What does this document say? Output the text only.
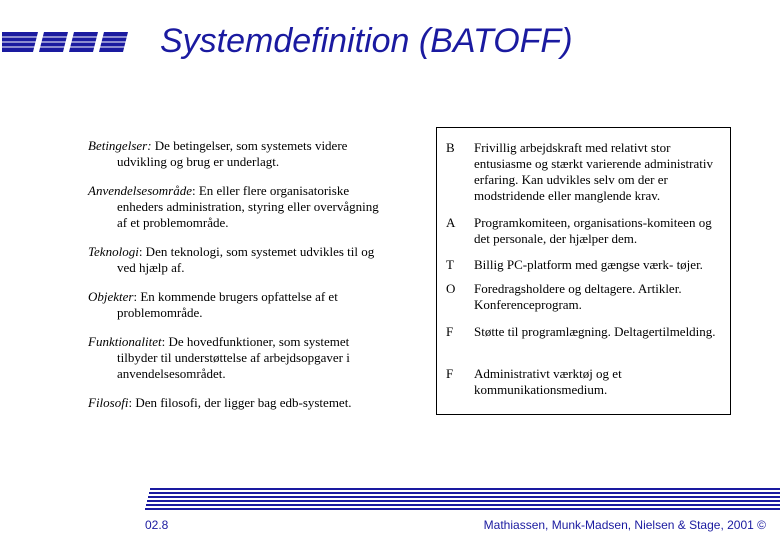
Systemdefinition (BATOFF)

Betingelser: De betingelser, som systemets videre udvikling og brug er underlagt.

Anvendelsesområde: En eller flere organisatoriske enheders administration, styring eller overvågning af et problemområde.

Teknologi: Den teknologi, som systemet udvikles til og ved hjælp af.

Objekter: En kommende brugers opfattelse af et problemområde.

Funktionalitet: De hovedfunktioner, som systemet tilbyder til understøttelse af arbejdsopgaver i anvendelsesområdet.

Filosofi: Den filosofi, der ligger bag edb-systemet.

B Frivillig arbejdskraft med relativt stor entusiasme og stærkt varierende administrativ erfaring. Kan udvikles selv om der er modstridende eller manglende krav.
A Programkomiteen, organisations-komiteen og det personale, der hjælper dem.
T Billig PC-platform med gængse værk- tøjer.
O Foredragsholdere og deltagere. Artikler. Konferenceprogram.
F Støtte til programlægning. Deltagertilmelding.
F Administrativt værktøj og et kommunikationsmedium.
02.8	Mathiassen, Munk-Madsen, Nielsen & Stage, 2001 ©
